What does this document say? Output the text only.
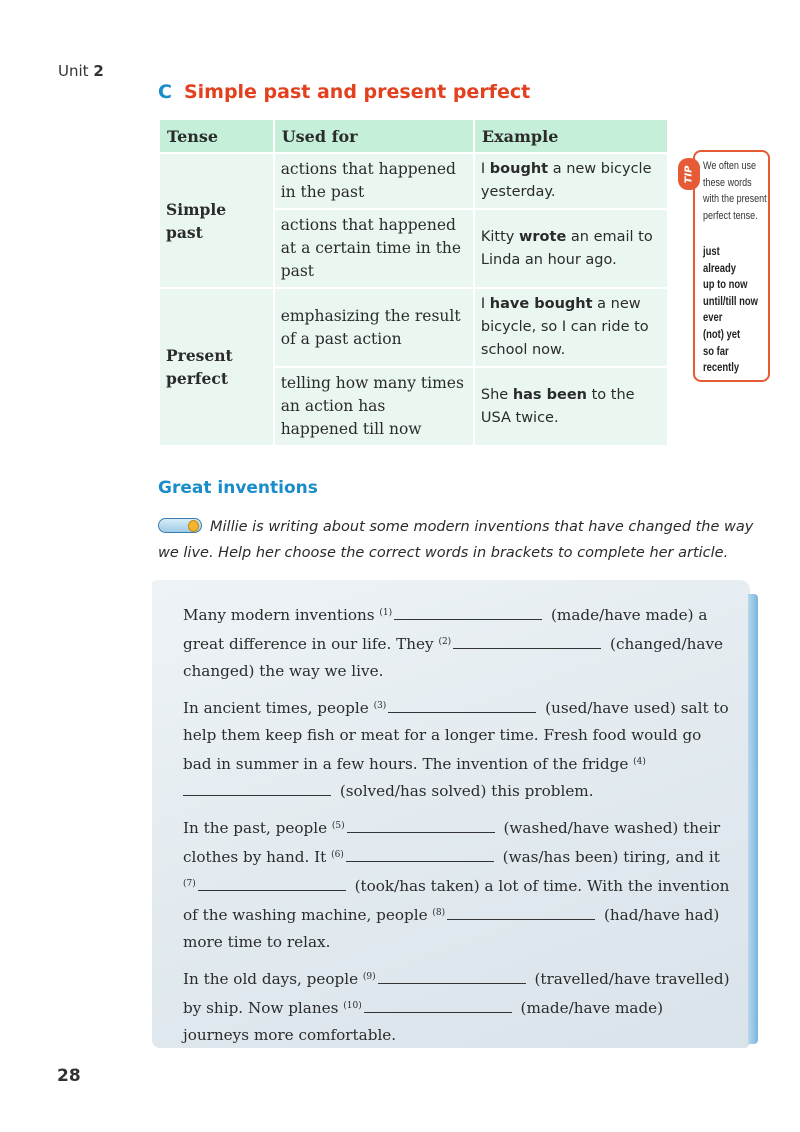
Unit 2
C Simple past and present perfect
Tense	Used for	Example
Simple past	actions that happened in the past	I bought a new bicycle yesterday.
	actions that happened at a certain time in the past	Kitty wrote an email to Linda an hour ago.
Present perfect	emphasizing the result of a past action	I have bought a new bicycle, so I can ride to school now.
	telling how many times an action has happened till now	She has been to the USA twice.
TIP We often use these words with the present perfect tense.
just
already
up to now
until/till now
ever
(not) yet
so far
recently
Great inventions
Millie is writing about some modern inventions that have changed the way we live. Help her choose the correct words in brackets to complete her article.

Many modern inventions $^{(1)}$	(made/have made) a great difference in our life. They $^{(2)}$	(changed/have changed) the way we live.

In ancient times, people $^{(3)}$	(used/have used) salt to help them keep fish or meat for a longer time. Fresh food would go bad in summer in a few hours. The invention of the fridge $^{(4)}$ (solved/has solved) this problem.

In the past, people $^{(5)}$	(washed/have washed) their clothes by hand. It $^{(6)}$	(was/has been) tiring, and it $^{(7)}$	(took/has taken) a lot of time. With the invention of the washing machine, people $^{(8)}$	(had/have had) more time to relax.

In the old days, people $^{(9)}$	(travelled/have travelled) by ship. Now planes $^{(10)}$	(made/have made) journeys more comfortable.

28
